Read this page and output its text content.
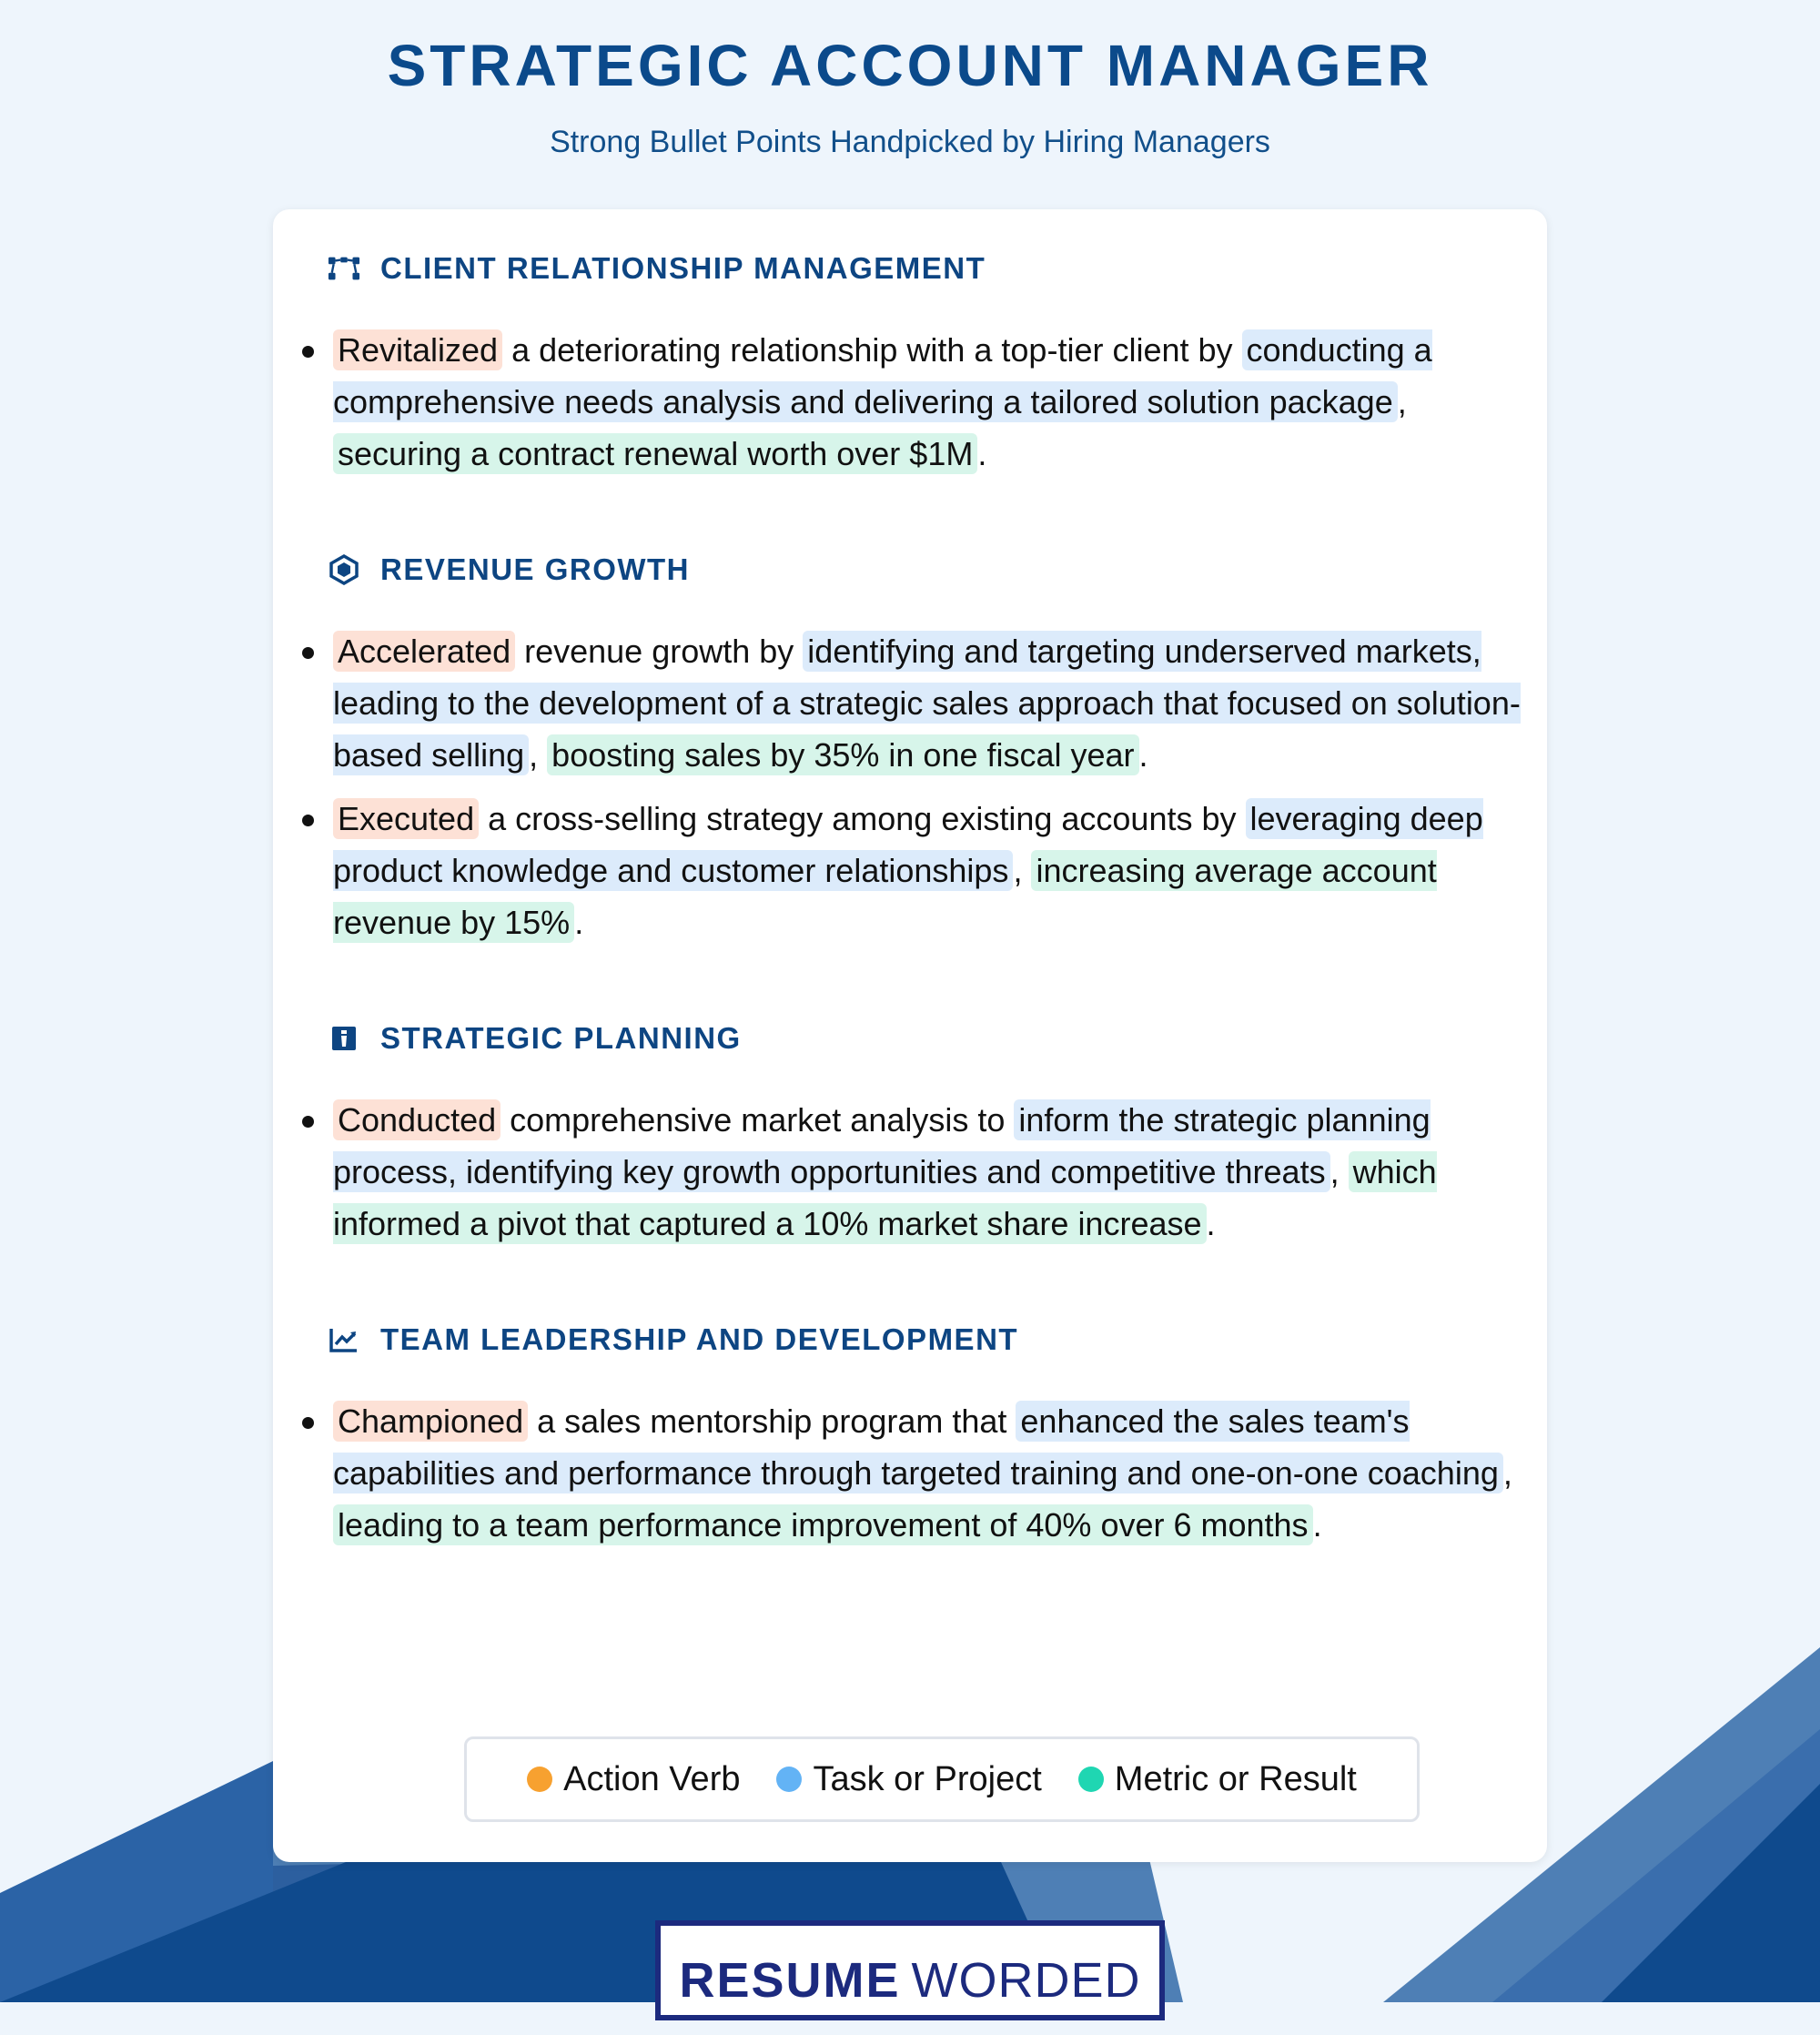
STRATEGIC ACCOUNT MANAGER
Strong Bullet Points Handpicked by Hiring Managers
CLIENT RELATIONSHIP MANAGEMENT
Revitalized a deteriorating relationship with a top-tier client by conducting a comprehensive needs analysis and delivering a tailored solution package , securing a contract renewal worth over $1M .
REVENUE GROWTH
Accelerated revenue growth by identifying and targeting underserved markets, leading to the development of a strategic sales approach that focused on solution-based selling , boosting sales by 35% in one fiscal year .
Executed a cross-selling strategy among existing accounts by leveraging deep product knowledge and customer relationships , increasing average account revenue by 15% .
STRATEGIC PLANNING
Conducted comprehensive market analysis to inform the strategic planning process, identifying key growth opportunities and competitive threats , which informed a pivot that captured a 10% market share increase .
TEAM LEADERSHIP AND DEVELOPMENT
Championed a sales mentorship program that enhanced the sales team's capabilities and performance through targeted training and one-on-one coaching , leading to a team performance improvement of 40% over 6 months .
Action Verb Task or Project Metric or Result
RESUME WORDED
